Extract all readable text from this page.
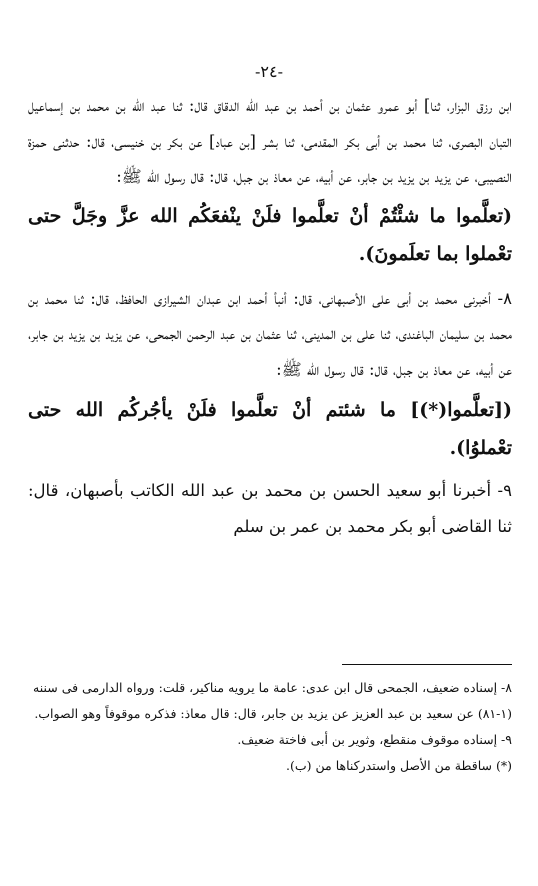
-٢٤-

ابن رزق البزار، ثنا] أبو عمرو عثمان بن أحمد بن عبد الله الدقاق قال: ثنا عبد الله بن محمد بن إسماعيل التبان البصرى، ثنا محمد بن أبى بكر المقدمى، ثنا بشر [بن عباد] عن بكر بن خنيسى، قال: حدثنى حمزة النصيبى، عن يزيد بن يزيد بن جابر، عن أبيه، عن معاذ بن جبل، قال: قال رسول الله ﷺ:

(تعلَّموا ما شئْتُمْ أنْ تعلَّموا فلَنْ ينْفعَكُم الله عزَّ وجَلَّ حتى تعْملوا بما تعلَمونَ).

٨- أخبرنى محمد بن أبى على الأصبهانى، قال: أنبأ أحمد ابن عبدان الشيرازى الحافظ، قال: ثنا محمد بن محمد بن سليمان الباغندى، ثنا على بن المدينى، ثنا عثمان بن عبد الرحمن الجمحى، عن يزيد بن يزيد بن جابر، عن أبيه، عن معاذ بن جبل، قال: قال رسول الله ﷺ:

([تعلَّموا(*)] ما شئتم أنْ تعلَّموا فلَنْ يأجُركُم الله حتى تعْملوُا).

٩- أخبرنا أبو سعيد الحسن بن محمد بن عبد الله الكاتب بأصبهان، قال: ثنا القاضى أبو بكر محمد بن عمر بن سلم

٨- إسناده ضعيف، الجمحى قال ابن عدى: عامة ما يرويه مناكير، قلت: ورواه الدارمى فى سننه (١-٨١) عن سعيد بن عبد العزيز عن يزيد بن جابر، قال: قال معاذ: فذكره موقوفاً وهو الصواب.

٩- إسناده موقوف منقطع، وثوير بن أبى فاختة ضعيف.

(*) ساقطة من الأصل واستدركناها من (ب).
